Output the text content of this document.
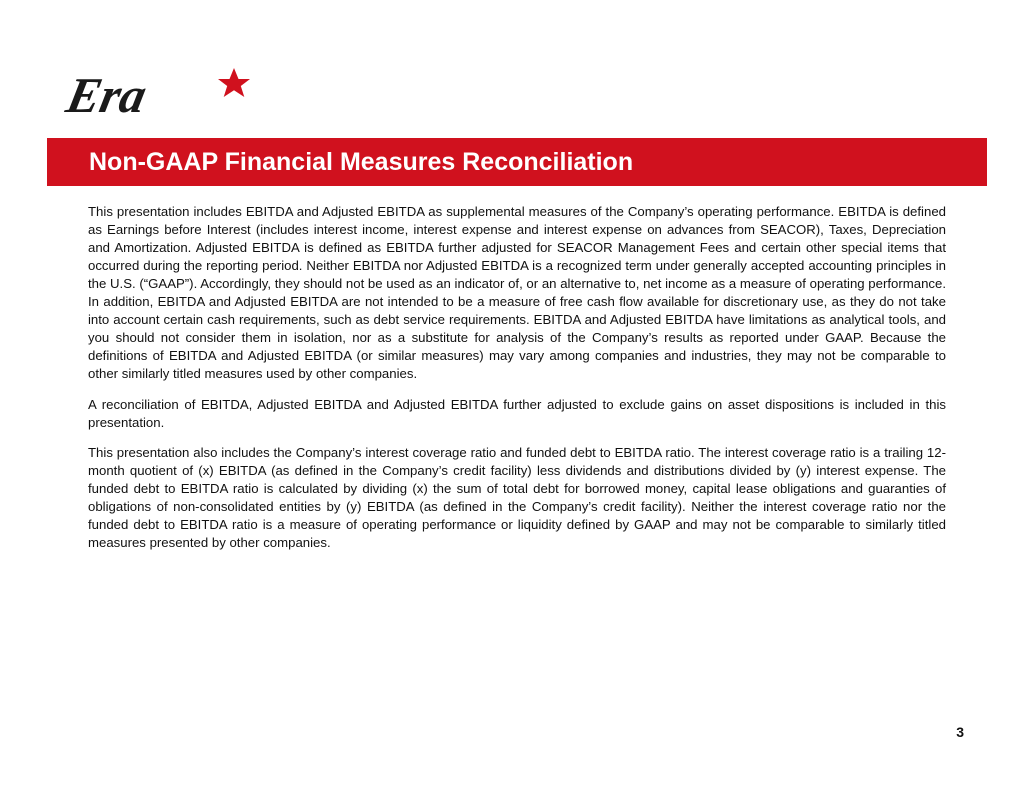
Era
Non-GAAP Financial Measures Reconciliation

This presentation includes EBITDA and Adjusted EBITDA as supplemental measures of the Company’s operating performance. EBITDA is defined as Earnings before Interest (includes interest income, interest expense and interest expense on advances from SEACOR), Taxes, Depreciation and Amortization. Adjusted EBITDA is defined as EBITDA further adjusted for SEACOR Management Fees and certain other special items that occurred during the reporting period. Neither EBITDA nor Adjusted EBITDA is a recognized term under generally accepted accounting principles in the U.S. (“GAAP”). Accordingly, they should not be used as an indicator of, or an alternative to, net income as a measure of operating performance. In addition, EBITDA and Adjusted EBITDA are not intended to be a measure of free cash flow available for discretionary use, as they do not take into account certain cash requirements, such as debt service requirements. EBITDA and Adjusted EBITDA have limitations as analytical tools, and you should not consider them in isolation, nor as a substitute for analysis of the Company’s results as reported under GAAP. Because the definitions of EBITDA and Adjusted EBITDA (or similar measures) may vary among companies and industries, they may not be comparable to other similarly titled measures used by other companies.

A reconciliation of EBITDA, Adjusted EBITDA and Adjusted EBITDA further adjusted to exclude gains on asset dispositions is included in this presentation.

This presentation also includes the Company’s interest coverage ratio and funded debt to EBITDA ratio. The interest coverage ratio is a trailing 12-month quotient of (x) EBITDA (as defined in the Company’s credit facility) less dividends and distributions divided by (y) interest expense. The funded debt to EBITDA ratio is calculated by dividing (x) the sum of total debt for borrowed money, capital lease obligations and guaranties of obligations of non-consolidated entities by (y) EBITDA (as defined in the Company’s credit facility). Neither the interest coverage ratio nor the funded debt to EBITDA ratio is a measure of operating performance or liquidity defined by GAAP and may not be comparable to similarly titled measures presented by other companies.

3
